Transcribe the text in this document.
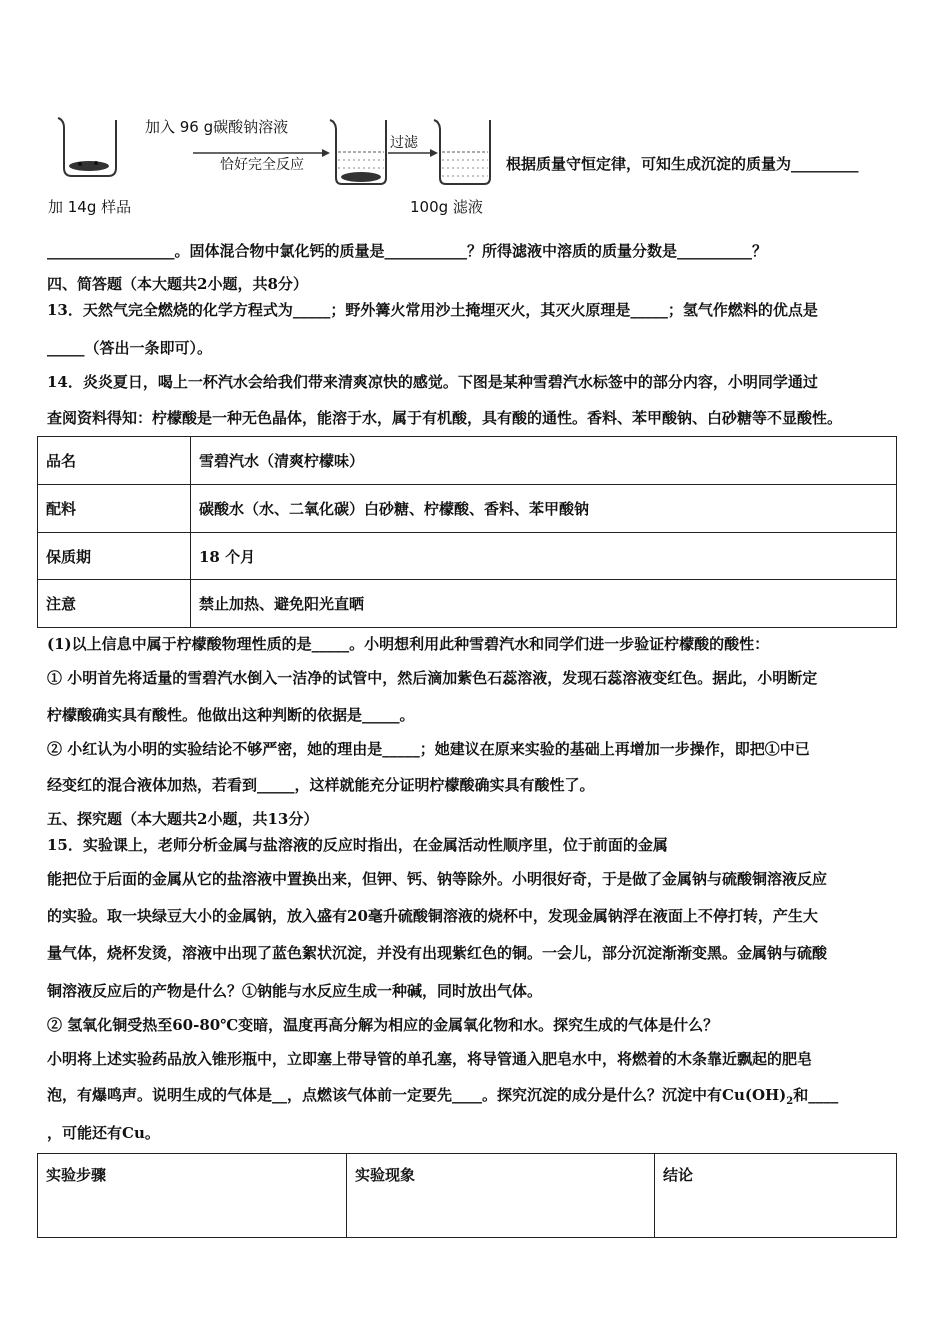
加入 96 g碳酸钠溶液
恰好完全反应
过滤
加 14g 样品	100g 滤液
根据质量守恒定律，可知生成沉淀的质量为_________
_________________。固体混合物中氯化钙的质量是___________？所得滤液中溶质的质量分数是__________？
四、简答题（本大题共2小题，共8分）
13．天然气完全燃烧的化学方程式为_____；野外篝火常用沙土掩埋灭火，其灭火原理是_____；氢气作燃料的优点是
_____（答出一条即可）。
14．炎炎夏日，喝上一杯汽水会给我们带来清爽凉快的感觉。下图是某种雪碧汽水标签中的部分内容，小明同学通过
查阅资料得知：柠檬酸是一种无色晶体，能溶于水，属于有机酸，具有酸的通性。香料、苯甲酸钠、白砂糖等不显酸性。
品名	雪碧汽水（清爽柠檬味）
配料	碳酸水（水、二氧化碳）白砂糖、柠檬酸、香料、苯甲酸钠
保质期	18 个月
注意	禁止加热、避免阳光直晒
(1)以上信息中属于柠檬酸物理性质的是_____。小明想利用此种雪碧汽水和同学们进一步验证柠檬酸的酸性：
① 小明首先将适量的雪碧汽水倒入一洁净的试管中，然后滴加紫色石蕊溶液，发现石蕊溶液变红色。据此，小明断定
柠檬酸确实具有酸性。他做出这种判断的依据是_____。
② 小红认为小明的实验结论不够严密，她的理由是_____；她建议在原来实验的基础上再增加一步操作，即把①中已
经变红的混合液体加热，若看到_____，这样就能充分证明柠檬酸确实具有酸性了。
五、探究题（本大题共2小题，共13分）
15．实验课上，老师分析金属与盐溶液的反应时指出，在金属活动性顺序里，位于前面的金属
能把位于后面的金属从它的盐溶液中置换出来，但钾、钙、钠等除外。小明很好奇，于是做了金属钠与硫酸铜溶液反应
的实验。取一块绿豆大小的金属钠，放入盛有20毫升硫酸铜溶液的烧杯中，发现金属钠浮在液面上不停打转，产生大
量气体，烧杯发烫，溶液中出现了蓝色絮状沉淀，并没有出现紫红色的铜。一会儿，部分沉淀渐渐变黑。金属钠与硫酸
铜溶液反应后的产物是什么？①钠能与水反应生成一种碱，同时放出气体。
② 氢氧化铜受热至60-80℃变暗，温度再高分解为相应的金属氧化物和水。探究生成的气体是什么？
小明将上述实验药品放入锥形瓶中，立即塞上带导管的单孔塞，将导管通入肥皂水中，将燃着的木条靠近飘起的肥皂
泡，有爆鸣声。说明生成的气体是__，点燃该气体前一定要先____。探究沉淀的成分是什么？沉淀中有$Cu(OH)_2$和____
，可能还有Cu。
实验步骤	实验现象	结论
